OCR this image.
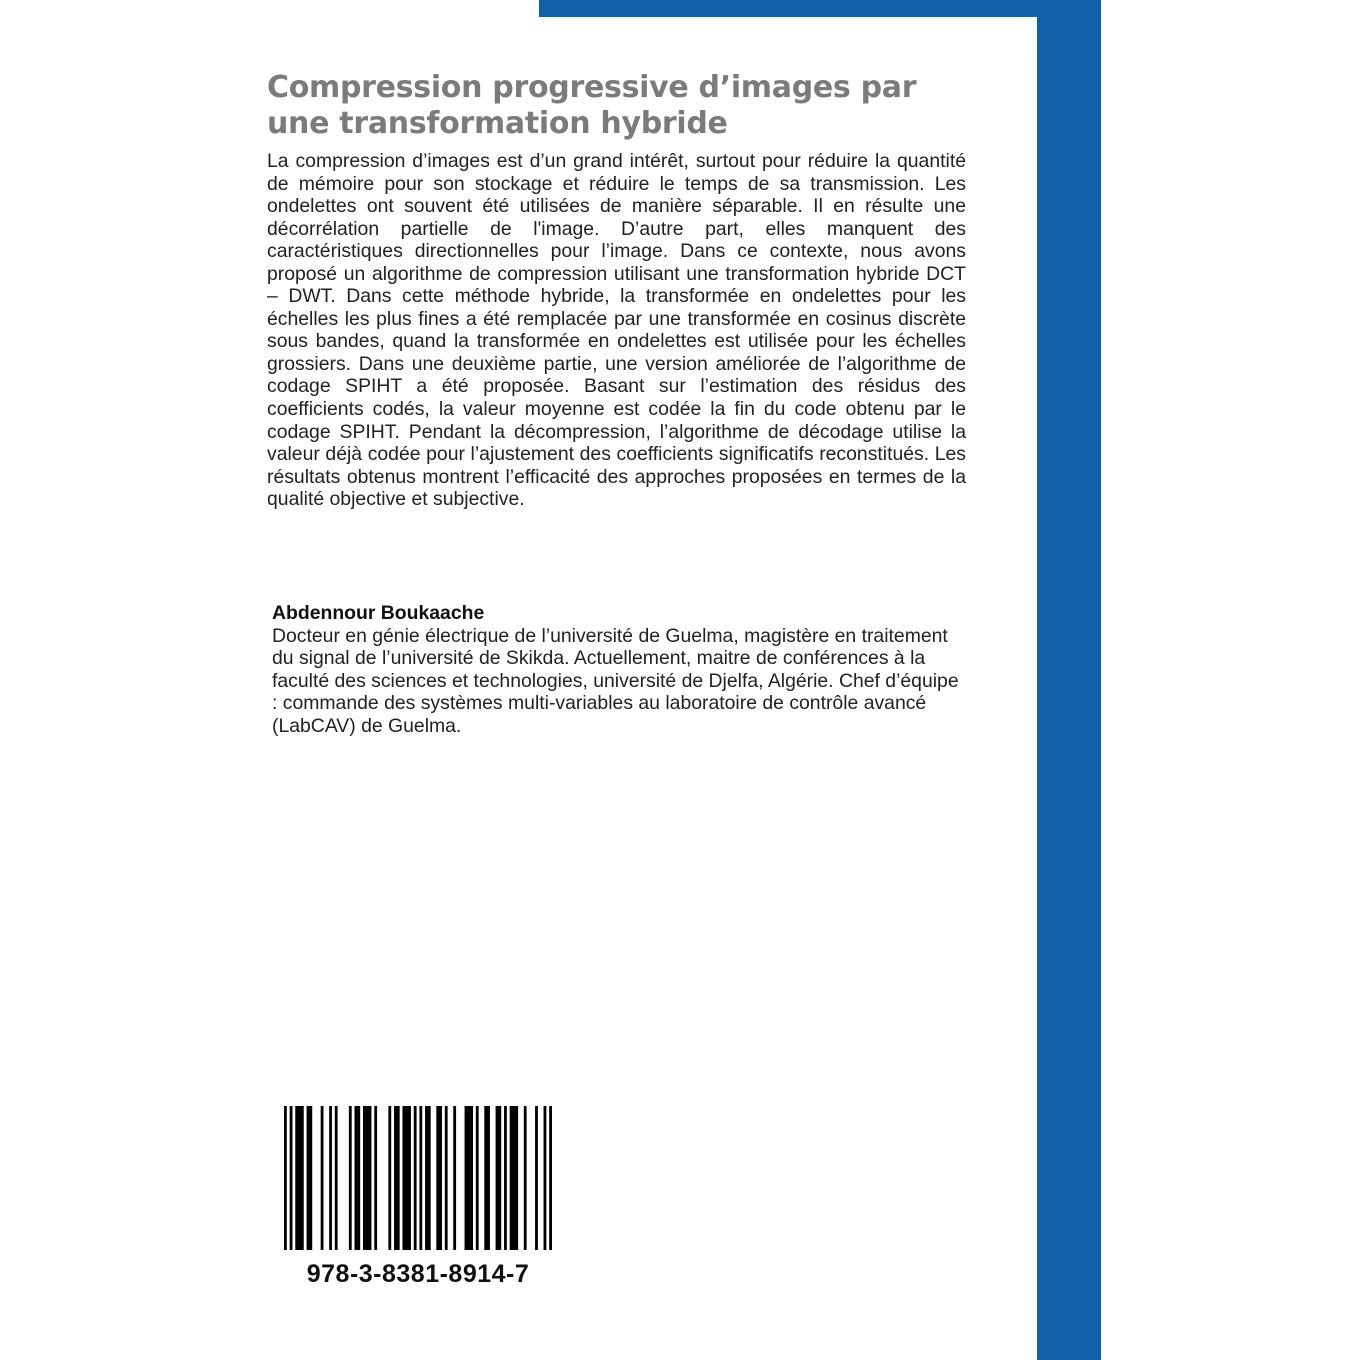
Compression progressive d’images par une transformation hybride

La compression d’images est d’un grand intérêt, surtout pour réduire la quantité de mémoire pour son stockage et réduire le temps de sa transmission. Les ondelettes ont souvent été utilisées de manière séparable. Il en résulte une décorrélation partielle de l'image. D’autre part, elles manquent des caractéristiques directionnelles pour l’image. Dans ce contexte, nous avons proposé un algorithme de compression utilisant une transformation hybride DCT – DWT. Dans cette méthode hybride, la transformée en ondelettes pour les échelles les plus fines a été remplacée par une transformée en cosinus discrète sous bandes, quand la transformée en ondelettes est utilisée pour les échelles grossiers. Dans une deuxième partie, une version améliorée de l’algorithme de codage SPIHT a été proposée. Basant sur l’estimation des résidus des coefficients codés, la valeur moyenne est codée la fin du code obtenu par le codage SPIHT. Pendant la décompression, l’algorithme de décodage utilise la valeur déjà codée pour l’ajustement des coefficients significatifs reconstitués. Les résultats obtenus montrent l’efficacité des approches proposées en termes de la qualité objective et subjective.

Abdennour Boukaache
Docteur en génie électrique de l’université de Guelma, magistère en traitement du signal de l’université de Skikda. Actuellement, maitre de conférences à la faculté des sciences et technologies, université de Djelfa, Algérie. Chef d’équipe : commande des systèmes multi-variables au laboratoire de contrôle avancé (LabCAV) de Guelma.
978-3-8381-8914-7
